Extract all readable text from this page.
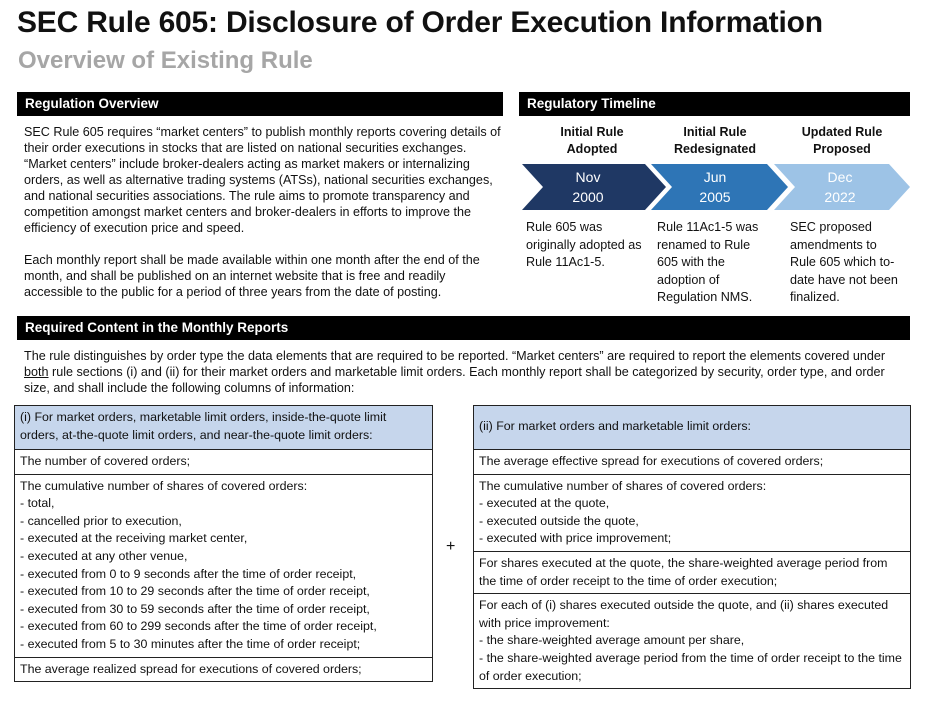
SEC Rule 605: Disclosure of Order Execution Information
Overview of Existing Rule
Regulation Overview

SEC Rule 605 requires “market centers” to publish monthly reports covering details of their order executions in stocks that are listed on national securities exchanges. “Market centers” include broker-dealers acting as market makers or internalizing orders, as well as alternative trading systems (ATSs), national securities exchanges, and national securities associations. The rule aims to promote transparency and competition amongst market centers and broker-dealers in efforts to improve the efficiency of execution price and speed.

Each monthly report shall be made available within one month after the end of the month, and shall be published on an internet website that is free and readily accessible to the public for a period of three years from the date of posting.

Regulatory Timeline
Initial Rule
Adopted
Initial Rule
Redesignated
Updated Rule
Proposed
Nov
2000
Jun
2005
Dec
2022
Rule 605 was originally adopted as Rule 11Ac1-5.
Rule 11Ac1-5 was renamed to Rule 605 with the adoption of Regulation NMS.
SEC proposed amendments to Rule 605 which to-date have not been finalized.
Required Content in the Monthly Reports
The rule distinguishes by order type the data elements that are required to be reported. “Market centers” are required to report the elements covered under both rule sections (i) and (ii) for their market orders and marketable limit orders. Each monthly report shall be categorized by security, order type, and order size, and shall include the following columns of information:
(i) For market orders, marketable limit orders, inside-the-quote limit orders, at-the-quote limit orders, and near-the-quote limit orders:
The number of covered orders;
The cumulative number of shares of covered orders:
- total,
- cancelled prior to execution,
- executed at the receiving market center,
- executed at any other venue,
- executed from 0 to 9 seconds after the time of order receipt,
- executed from 10 to 29 seconds after the time of order receipt,
- executed from 30 to 59 seconds after the time of order receipt,
- executed from 60 to 299 seconds after the time of order receipt,
- executed from 5 to 30 minutes after the time of order receipt;
The average realized spread for executions of covered orders;
+
(ii) For market orders and marketable limit orders:
The average effective spread for executions of covered orders;
The cumulative number of shares of covered orders:
- executed at the quote,
- executed outside the quote,
- executed with price improvement;
For shares executed at the quote, the share-weighted average period from the time of order receipt to the time of order execution;
For each of (i) shares executed outside the quote, and (ii) shares executed with price improvement:
- the share-weighted average amount per share,
- the share-weighted average period from the time of order receipt to the time of order execution;
